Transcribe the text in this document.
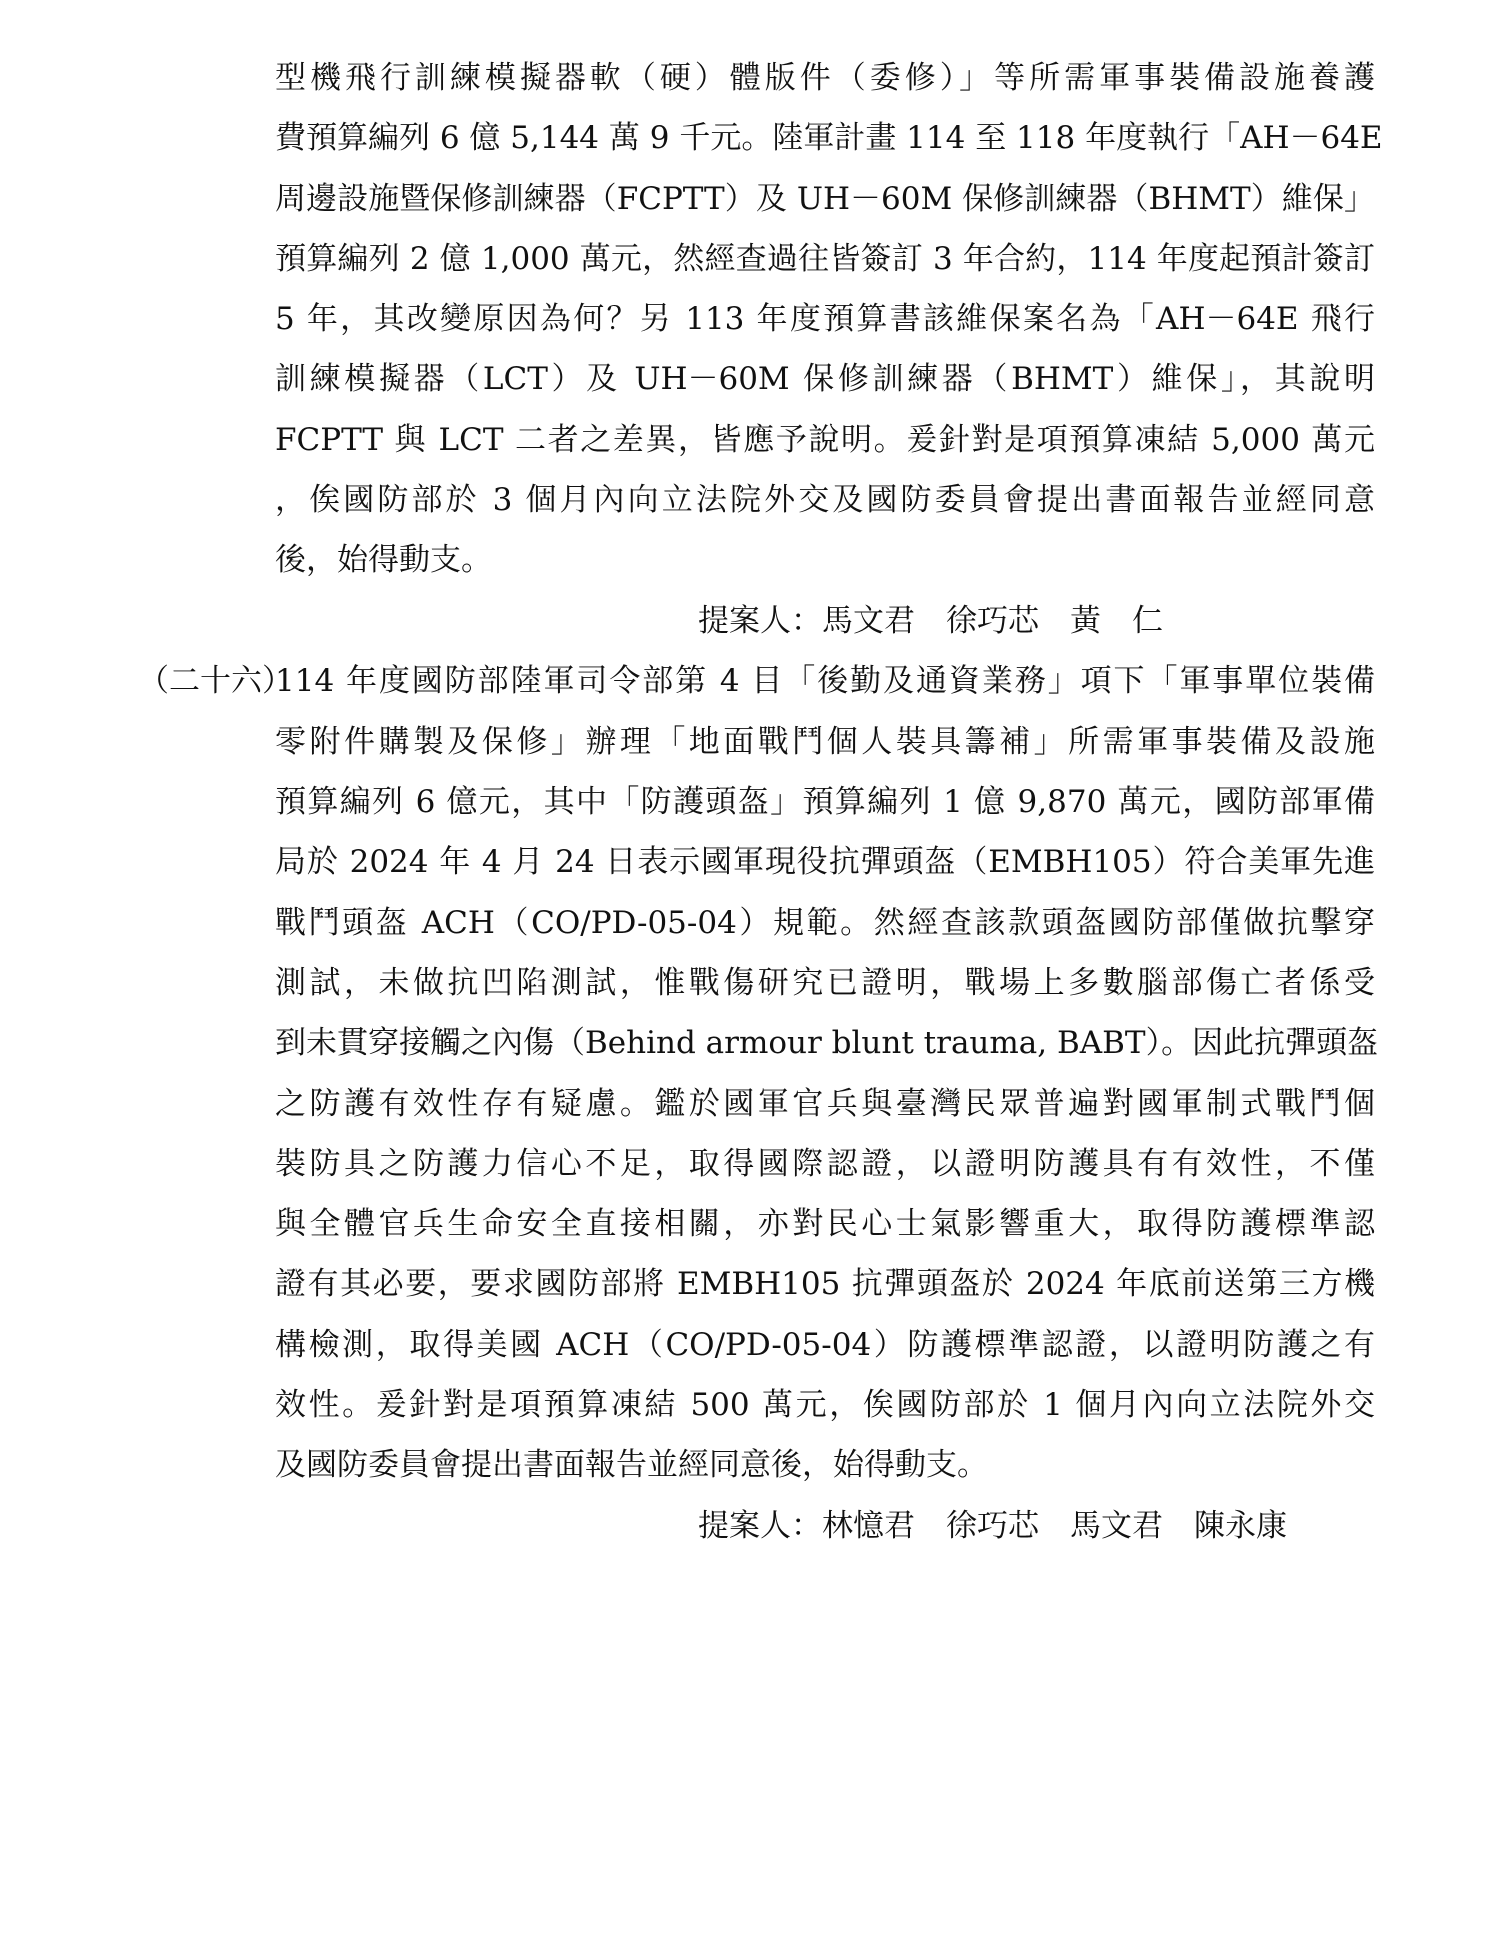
型機飛行訓練模擬器軟（硬）體版件（委修）」等所需軍事裝備設施養護
費預算編列 6 億 5,144 萬 9 千元。陸軍計畫 114 至 118 年度執行「AH－64E
周邊設施暨保修訓練器（FCPTT）及 UH－60M 保修訓練器（BHMT）維保」
預算編列 2 億 1,000 萬元，然經查過往皆簽訂 3 年合約，114 年度起預計簽訂
5 年，其改變原因為何？另 113 年度預算書該維保案名為「AH－64E 飛行
訓練模擬器（LCT）及 UH－60M 保修訓練器（BHMT）維保」，其說明
FCPTT 與 LCT 二者之差異，皆應予說明。爰針對是項預算凍結 5,000 萬元
，俟國防部於 3 個月內向立法院外交及國防委員會提出書面報告並經同意
後，始得動支。
提案人：馬文君　徐巧芯　黃　仁
（二十六）
114 年度國防部陸軍司令部第 4 目「後勤及通資業務」項下「軍事單位裝備
零附件購製及保修」辦理「地面戰鬥個人裝具籌補」所需軍事裝備及設施
預算編列 6 億元，其中「防護頭盔」預算編列 1 億 9,870 萬元，國防部軍備
局於 2024 年 4 月 24 日表示國軍現役抗彈頭盔（EMBH105）符合美軍先進
戰鬥頭盔 ACH（CO/PD-05-04）規範。然經查該款頭盔國防部僅做抗擊穿
測試，未做抗凹陷測試，惟戰傷研究已證明，戰場上多數腦部傷亡者係受
到未貫穿接觸之內傷（Behind armour blunt trauma, BABT）。因此抗彈頭盔
之防護有效性存有疑慮。鑑於國軍官兵與臺灣民眾普遍對國軍制式戰鬥個
裝防具之防護力信心不足，取得國際認證，以證明防護具有有效性，不僅
與全體官兵生命安全直接相關，亦對民心士氣影響重大，取得防護標準認
證有其必要，要求國防部將 EMBH105 抗彈頭盔於 2024 年底前送第三方機
構檢測，取得美國 ACH（CO/PD-05-04）防護標準認證，以證明防護之有
效性。爰針對是項預算凍結 500 萬元，俟國防部於 1 個月內向立法院外交
及國防委員會提出書面報告並經同意後，始得動支。
提案人：林憶君　徐巧芯　馬文君　陳永康
